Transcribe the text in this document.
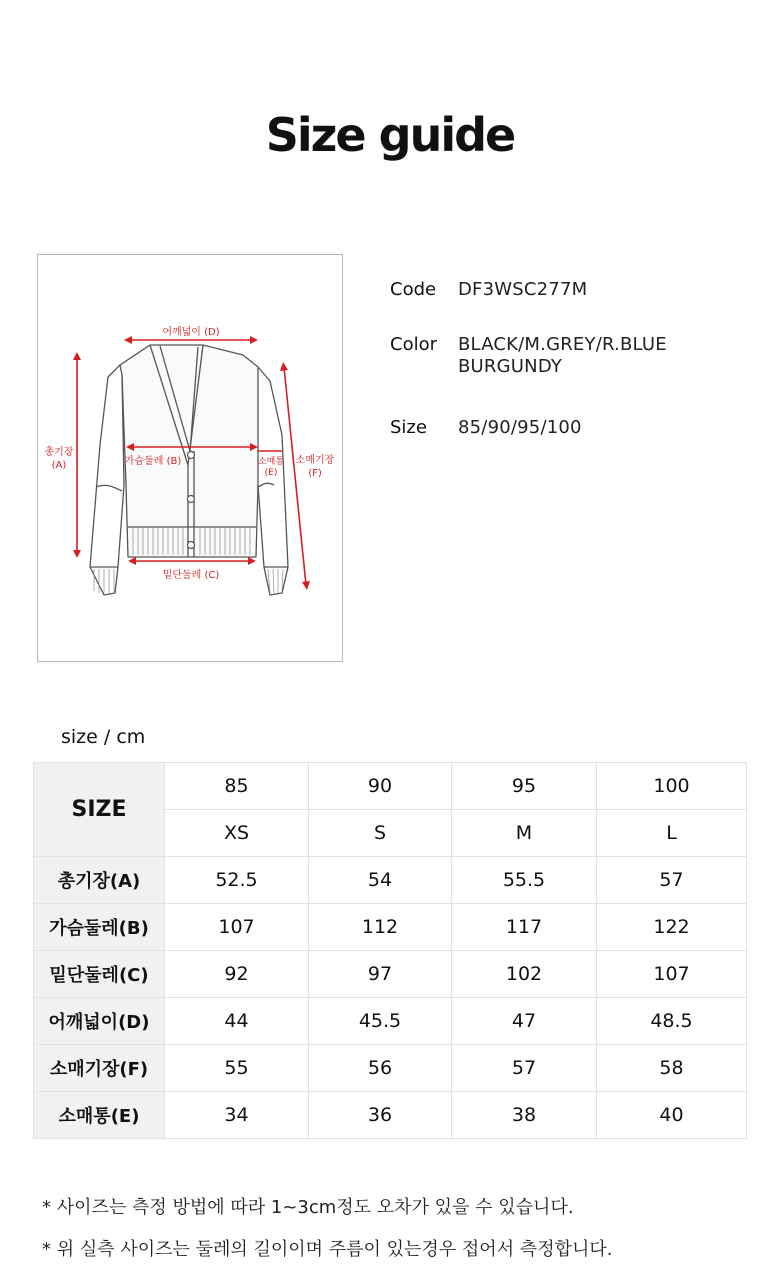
Size guide
어깨넓이 (D)
총기장
(A)	가슴둘레 (B)
밑단둘레 (C)
소매통
(E)
소매기장
(F)
Code	DF3WSC277M
Color	BLACK/M.GREY/R.BLUE
BURGUNDY
Size	85/90/95/100
size / cm
SIZE	85	90	95	100
	XS	S	M	L
총기장(A)	52.5	54	55.5	57
가슴둘레(B)	107	112	117	122
밑단둘레(C)	92	97	102	107
어깨넓이(D)	44	45.5	47	48.5
소매기장(F)	55	56	57	58
소매통(E)	34	36	38	40
* 사이즈는 측정 방법에 따라 1~3cm정도 오차가 있을 수 있습니다.
* 위 실측 사이즈는 둘레의 길이이며 주름이 있는경우 접어서 측정합니다.
